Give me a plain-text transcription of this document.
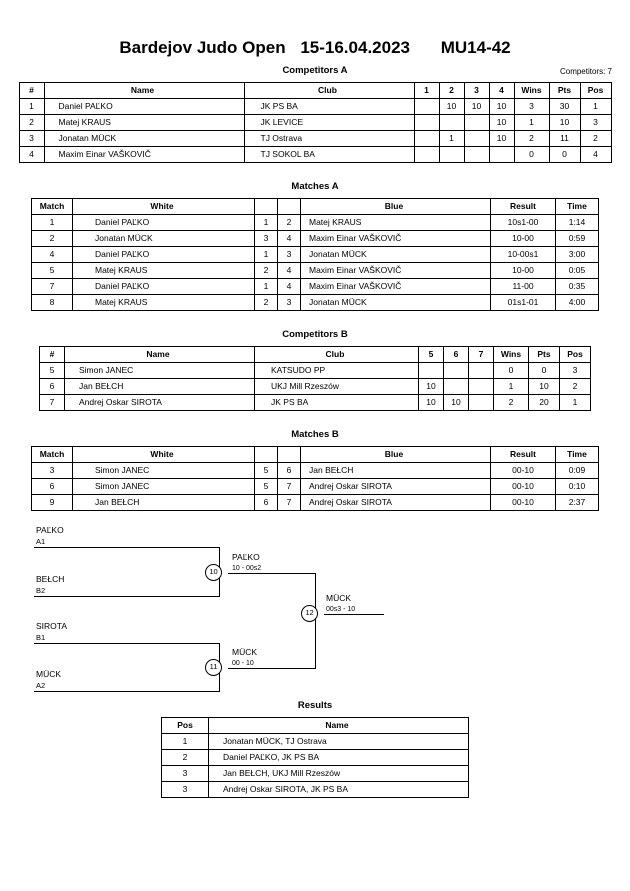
Bardejov Judo Open 15-16.04.2023 MU14-42
Competitors A	Competitors: 7
#	Name	Club	1	2	3	4	Wins	Pts	Pos
1	Daniel PAĽKO	JK PS BA		10	10	10	3	30	1
2	Matej KRAUS	JK LEVICE				10	1	10	3
3	Jonatan MÜCK	TJ Ostrava		1		10	2	11	2
4	Maxim Einar VAŠKOVIČ	TJ SOKOL BA					0	0	4
Matches A
Match	White			Blue	Result	Time
1	Daniel PAĽKO	1	2	Matej KRAUS	10s1-00	1:14
2	Jonatan MÜCK	3	4	Maxim Einar VAŠKOVIČ	10-00	0:59
4	Daniel PAĽKO	1	3	Jonatan MÜCK	10-00s1	3:00
5	Matej KRAUS	2	4	Maxim Einar VAŠKOVIČ	10-00	0:05
7	Daniel PAĽKO	1	4	Maxim Einar VAŠKOVIČ	11-00	0:35
8	Matej KRAUS	2	3	Jonatan MÜCK	01s1-01	4:00
Competitors B
#	Name	Club	5	6	7	Wins	Pts	Pos
5	Simon JANEC	KATSUDO PP				0	0	3
6	Jan BEŁCH	UKJ Mill Rzeszów	10			1	10	2
7	Andrej Oskar SIROTA	JK PS BA	10	10		2	20	1
Matches B
Match	White			Blue	Result	Time
3	Simon JANEC	5	6	Jan BEŁCH	00-10	0:09
6	Simon JANEC	5	7	Andrej Oskar SIROTA	00-10	0:10
9	Jan BEŁCH	6	7	Andrej Oskar SIROTA	00-10	2:37
PAĽKO
A1
BEŁCH
B2
10
PAĽKO
10 - 00s2
SIROTA
B1
MÜCK
A2
11
MÜCK
00 - 10
12
MÜCK
00s3 - 10
Results
Pos	Name
1	Jonatan MÜCK, TJ Ostrava
2	Daniel PAĽKO, JK PS BA
3	Jan BEŁCH, UKJ Mill Rzeszów
3	Andrej Oskar SIROTA, JK PS BA
